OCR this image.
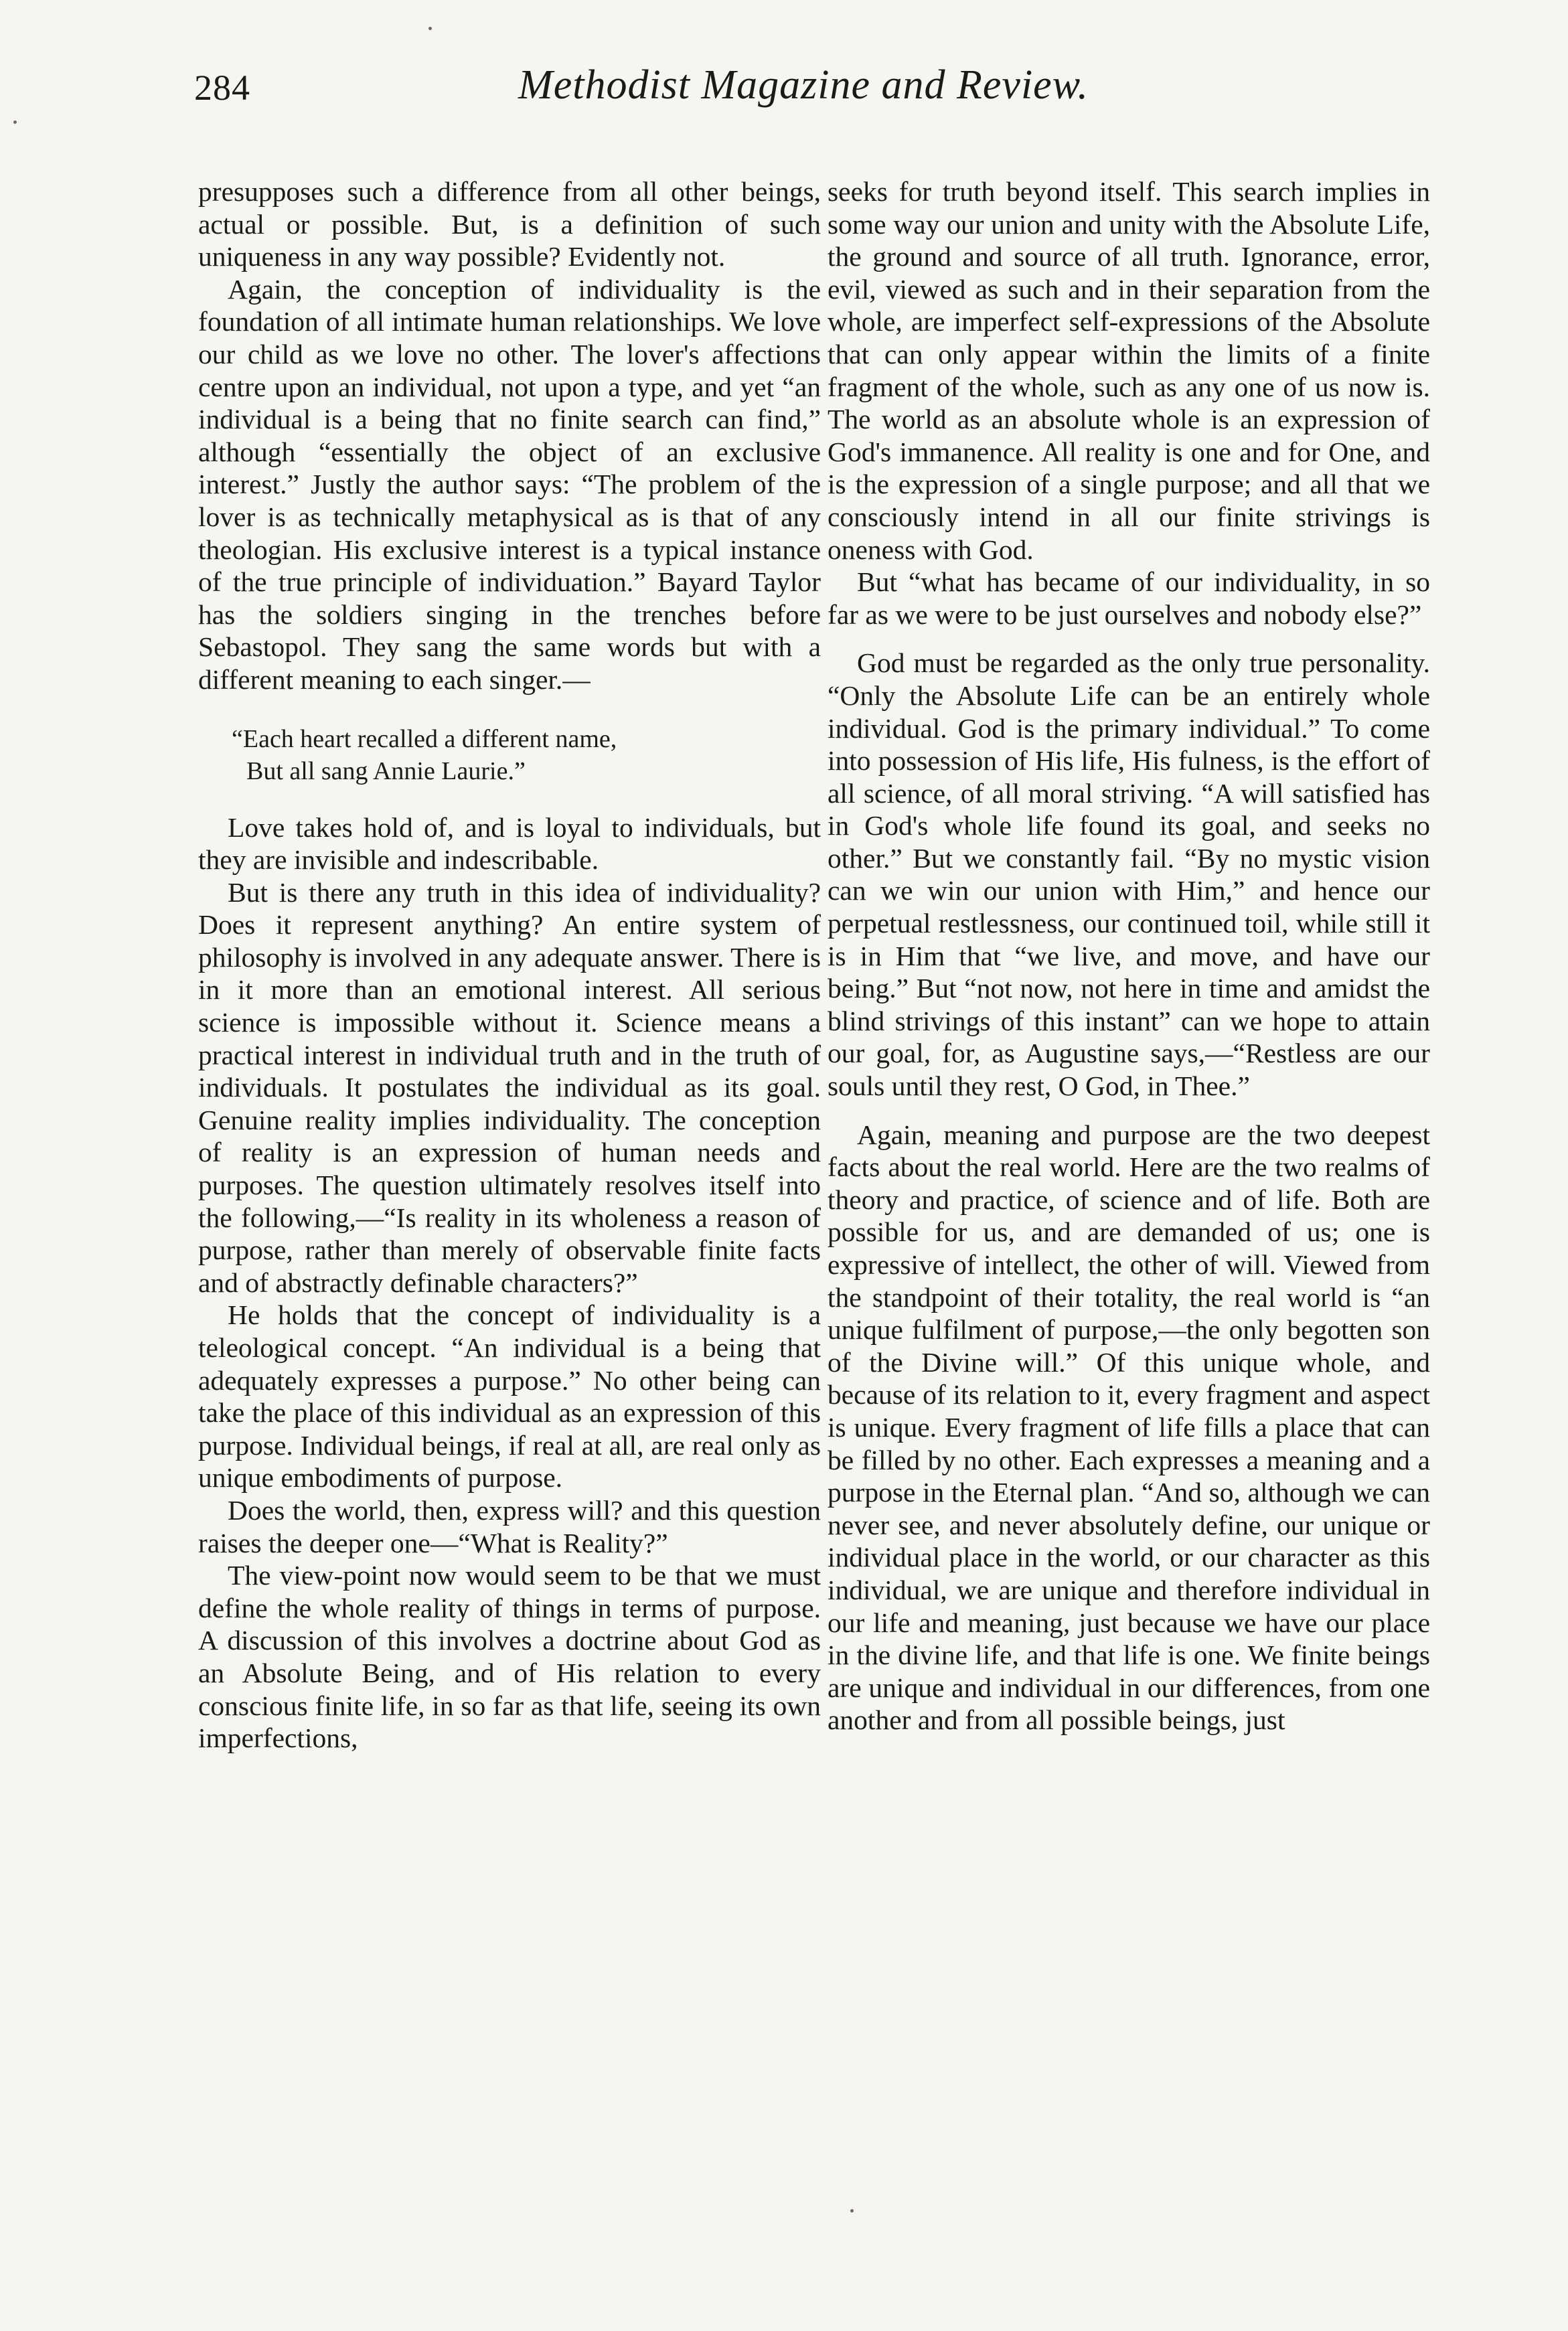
284	Methodist Magazine and Review.

presupposes such a difference from all other beings, actual or possible. But, is a definition of such uniqueness in any way possible? Evidently not.

Again, the conception of individuality is the foundation of all intimate human relationships. We love our child as we love no other. The lover's affections centre upon an individual, not upon a type, and yet “an individual is a being that no finite search can find,” although “essentially the object of an exclusive interest.” Justly the author says: “The problem of the lover is as technically metaphysical as is that of any theologian. His exclusive interest is a typical instance of the true principle of individuation.” Bayard Taylor has the soldiers singing in the trenches before Sebastopol. They sang the same words but with a different meaning to each singer.—

“Each heart recalled a different name,
But all sang Annie Laurie.”

Love takes hold of, and is loyal to individuals, but they are invisible and indescribable.

But is there any truth in this idea of individuality? Does it represent anything? An entire system of philosophy is involved in any adequate answer. There is in it more than an emotional interest. All serious science is impossible without it. Science means a practical interest in individual truth and in the truth of individuals. It postulates the individual as its goal. Genuine reality implies individuality. The conception of reality is an expression of human needs and purposes. The question ultimately resolves itself into the following,—“Is reality in its wholeness a reason of purpose, rather than merely of observable finite facts and of abstractly definable characters?”

He holds that the concept of individuality is a teleological concept. “An individual is a being that adequately expresses a purpose.” No other being can take the place of this individual as an expression of this purpose. Individual beings, if real at all, are real only as unique embodiments of purpose.

Does the world, then, express will? and this question raises the deeper one—“What is Reality?”

The view-point now would seem to be that we must define the whole reality of things in terms of purpose. A discussion of this involves a doctrine about God as an Absolute Being, and of His relation to every conscious finite life, in so far as that life, seeing its own imperfections,

seeks for truth beyond itself. This search implies in some way our union and unity with the Absolute Life, the ground and source of all truth. Ignorance, error, evil, viewed as such and in their separation from the whole, are imperfect self-expressions of the Absolute that can only appear within the limits of a finite fragment of the whole, such as any one of us now is. The world as an absolute whole is an expression of God's immanence. All reality is one and for One, and is the expression of a single purpose; and all that we consciously intend in all our finite strivings is oneness with God.

But “what has became of our individuality, in so far as we were to be just ourselves and nobody else?”

God must be regarded as the only true personality. “Only the Absolute Life can be an entirely whole individual. God is the primary individual.” To come into possession of His life, His fulness, is the effort of all science, of all moral striving. “A will satisfied has in God's whole life found its goal, and seeks no other.” But we constantly fail. “By no mystic vision can we win our union with Him,” and hence our perpetual restlessness, our continued toil, while still it is in Him that “we live, and move, and have our being.” But “not now, not here in time and amidst the blind strivings of this instant” can we hope to attain our goal, for, as Augustine says,—“Restless are our souls until they rest, O God, in Thee.”

Again, meaning and purpose are the two deepest facts about the real world. Here are the two realms of theory and practice, of science and of life. Both are possible for us, and are demanded of us; one is expressive of intellect, the other of will. Viewed from the standpoint of their totality, the real world is “an unique fulfilment of purpose,—the only begotten son of the Divine will.” Of this unique whole, and because of its relation to it, every fragment and aspect is unique. Every fragment of life fills a place that can be filled by no other. Each expresses a meaning and a purpose in the Eternal plan. “And so, although we can never see, and never absolutely define, our unique or individual place in the world, or our character as this individual, we are unique and therefore individual in our life and meaning, just because we have our place in the divine life, and that life is one. We finite beings are unique and individual in our differences, from one another and from all possible beings, just
